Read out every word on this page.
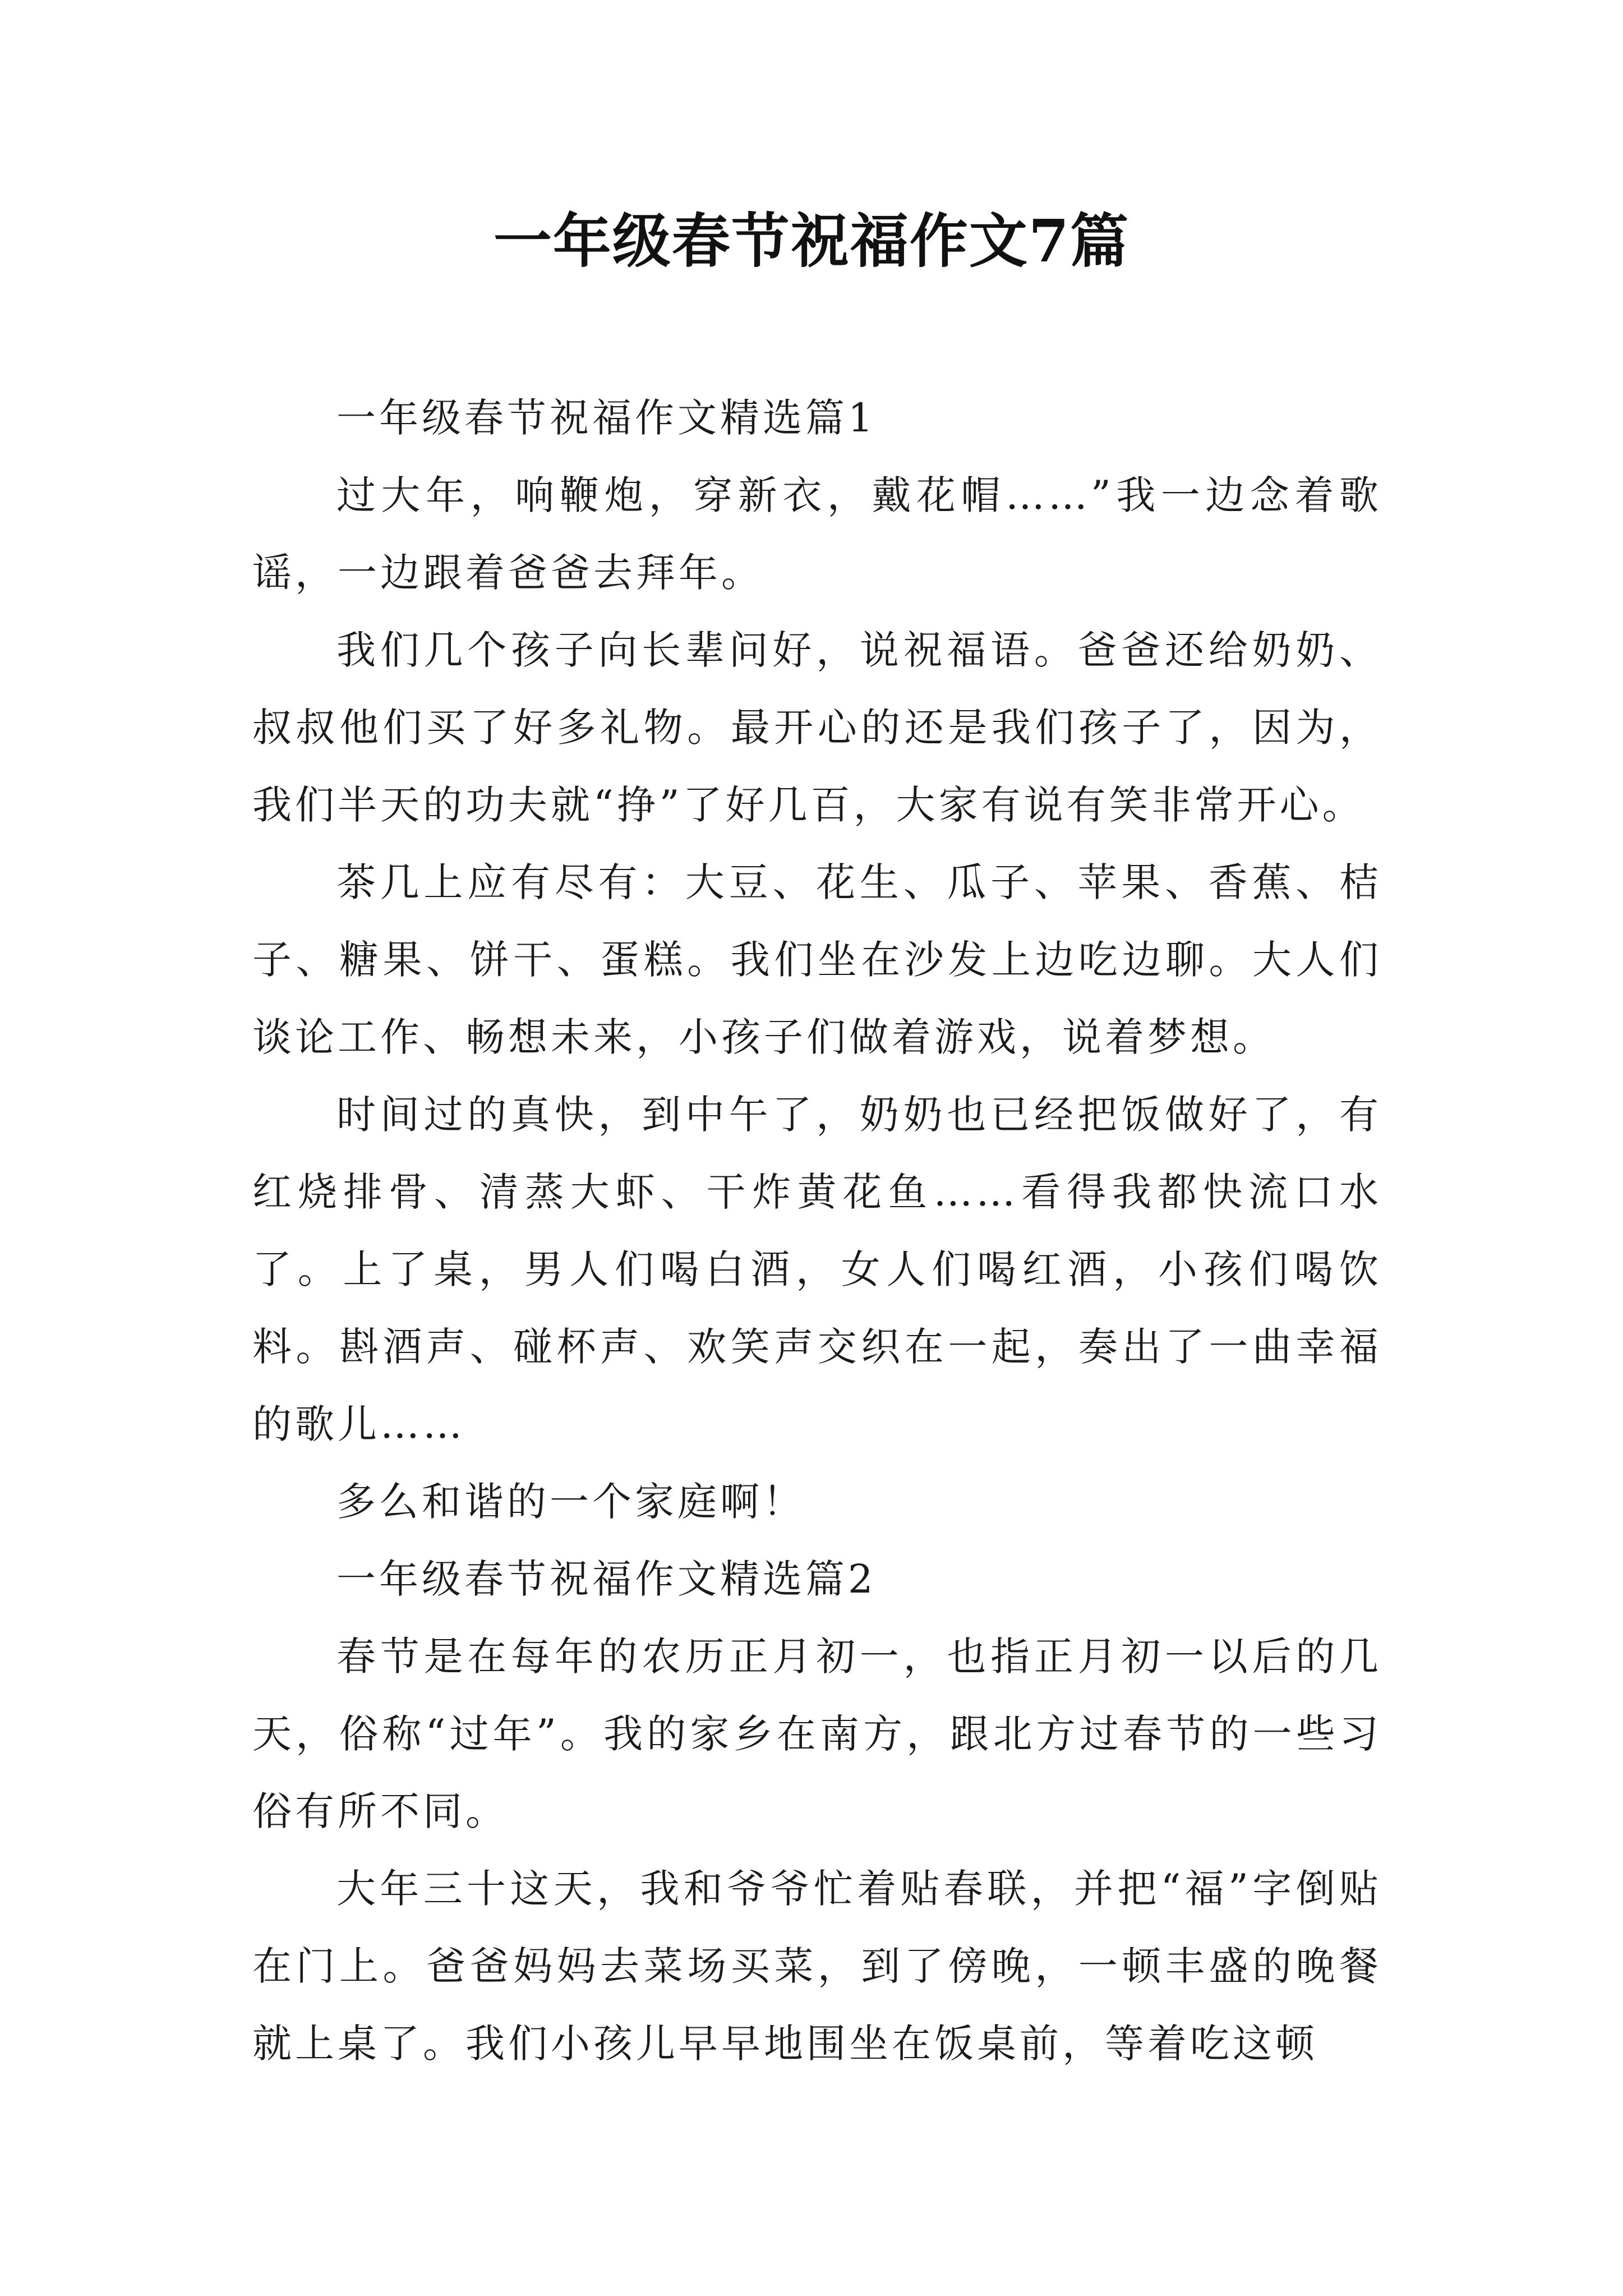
一年级春节祝福作文7篇

一年级春节祝福作文精选篇1

过大年，响鞭炮，穿新衣，戴花帽……”我一边念着歌谣，一边跟着爸爸去拜年。

我们几个孩子向长辈问好，说祝福语。爸爸还给奶奶、叔叔他们买了好多礼物。最开心的还是我们孩子了，因为，我们半天的功夫就“挣”了好几百，大家有说有笑非常开心。

茶几上应有尽有：大豆、花生、瓜子、苹果、香蕉、桔子、糖果、饼干、蛋糕。我们坐在沙发上边吃边聊。大人们谈论工作、畅想未来，小孩子们做着游戏，说着梦想。

时间过的真快，到中午了，奶奶也已经把饭做好了，有红烧排骨、清蒸大虾、干炸黄花鱼……看得我都快流口水了。上了桌，男人们喝白酒，女人们喝红酒，小孩们喝饮料。斟酒声、碰杯声、欢笑声交织在一起，奏出了一曲幸福的歌儿……

多么和谐的一个家庭啊！

一年级春节祝福作文精选篇2

春节是在每年的农历正月初一，也指正月初一以后的几天，俗称“过年”。我的家乡在南方，跟北方过春节的一些习俗有所不同。

大年三十这天，我和爷爷忙着贴春联，并把“福”字倒贴在门上。爸爸妈妈去菜场买菜，到了傍晚，一顿丰盛的晚餐就上桌了。我们小孩儿早早地围坐在饭桌前，等着吃这顿
